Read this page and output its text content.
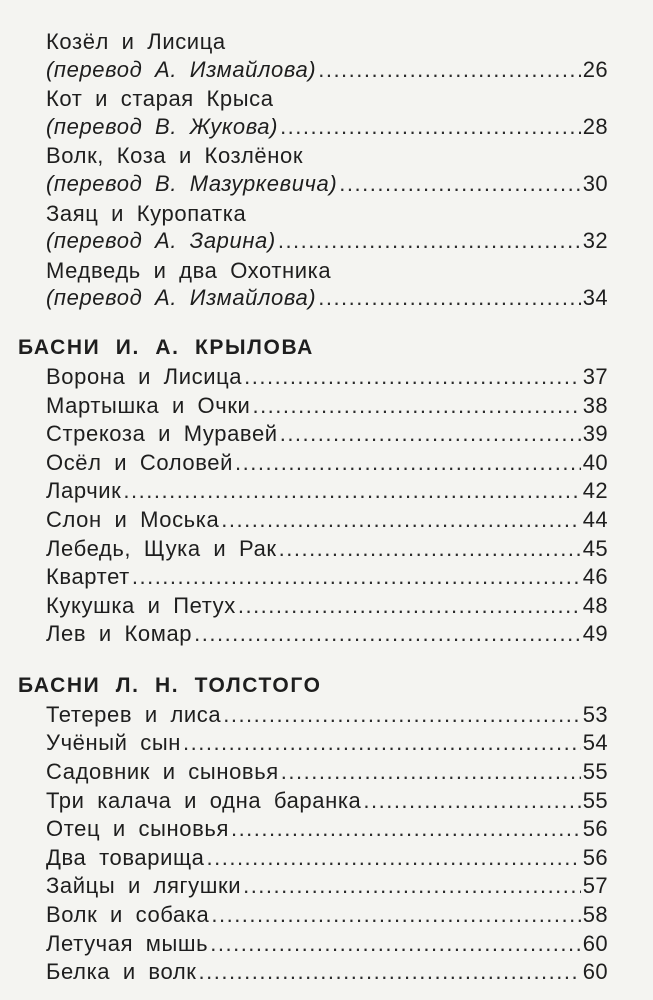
Козёл и Лисица
(перевод А. Измайлова) .....	26
Кот и старая Крыса
(перевод В. Жукова) .....	28
Волк, Коза и Козлёнок
(перевод В. Мазуркевича) .....	30
Заяц и Куропатка
(перевод А. Зарина) .....	32
Медведь и два Охотника
(перевод А. Измайлова) .....	34
БАСНИ И. А. КРЫЛОВА
Ворона и Лисица .....	37
Мартышка и Очки .....	38
Стрекоза и Муравей .....	39
Осёл и Соловей .....	40
Ларчик .....	42
Слон и Моська .....	44
Лебедь, Щука и Рак .....	45
Квартет .....	46
Кукушка и Петух .....	48
Лев и Комар .....	49
БАСНИ Л. Н. ТОЛСТОГО
Тетерев и лиса .....	53
Учёный сын .....	54
Садовник и сыновья .....	55
Три калача и одна баранка .....	55
Отец и сыновья .....	56
Два товарища .....	56
Зайцы и лягушки .....	57
Волк и собака .....	58
Летучая мышь .....	60
Белка и волк .....	60
